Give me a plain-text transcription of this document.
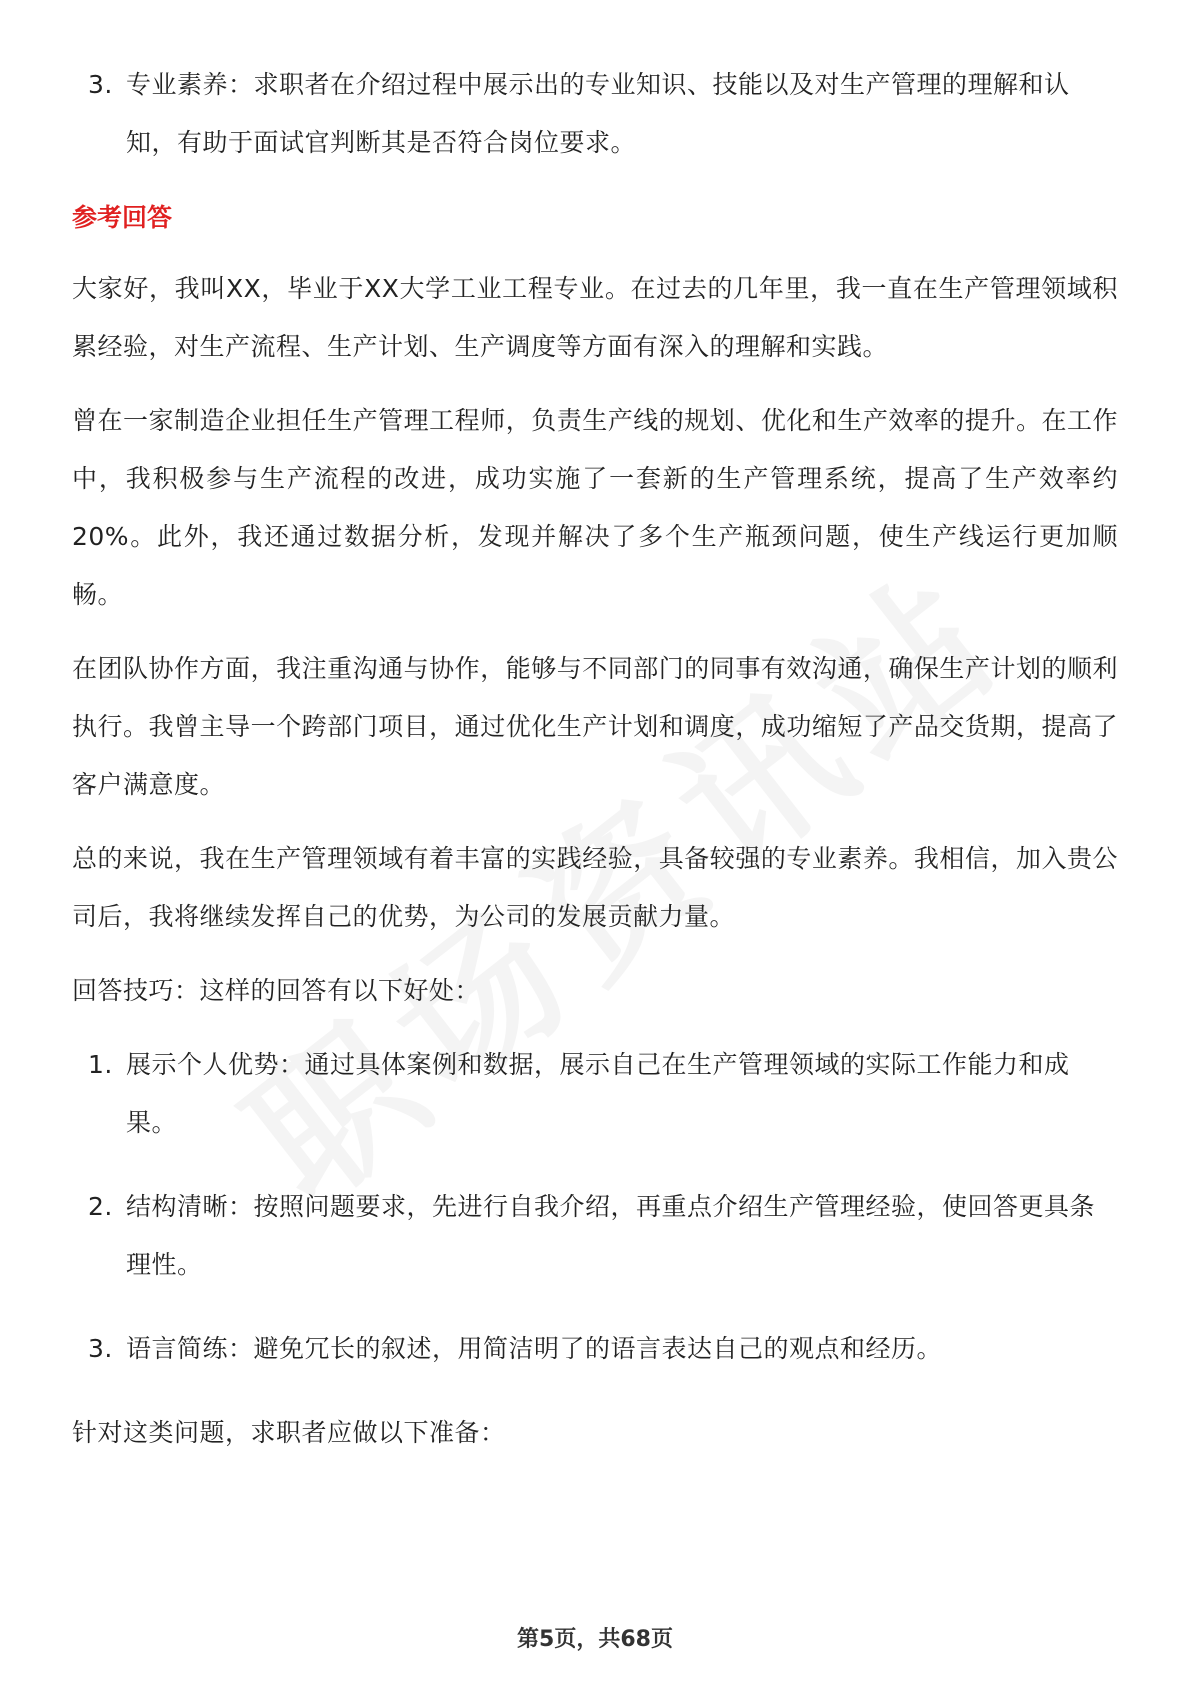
3. 专业素养：求职者在介绍过程中展示出的专业知识、技能以及对生产管理的理解和认知，有助于面试官判断其是否符合岗位要求。
参考回答

大家好，我叫XX，毕业于XX大学工业工程专业。在过去的几年里，我一直在生产管理领域积累经验，对生产流程、生产计划、生产调度等方面有深入的理解和实践。

曾在一家制造企业担任生产管理工程师，负责生产线的规划、优化和生产效率的提升。在工作中，我积极参与生产流程的改进，成功实施了一套新的生产管理系统，提高了生产效率约20%。此外，我还通过数据分析，发现并解决了多个生产瓶颈问题，使生产线运行更加顺畅。

在团队协作方面，我注重沟通与协作，能够与不同部门的同事有效沟通，确保生产计划的顺利执行。我曾主导一个跨部门项目，通过优化生产计划和调度，成功缩短了产品交货期，提高了客户满意度。

总的来说，我在生产管理领域有着丰富的实践经验，具备较强的专业素养。我相信，加入贵公司后，我将继续发挥自己的优势，为公司的发展贡献力量。

回答技巧：这样的回答有以下好处：

1. 展示个人优势：通过具体案例和数据，展示自己在生产管理领域的实际工作能力和成果。
2. 结构清晰：按照问题要求，先进行自我介绍，再重点介绍生产管理经验，使回答更具条理性。
3. 语言简练：避免冗长的叙述，用简洁明了的语言表达自己的观点和经历。

针对这类问题，求职者应做以下准备：

第5页，共68页
